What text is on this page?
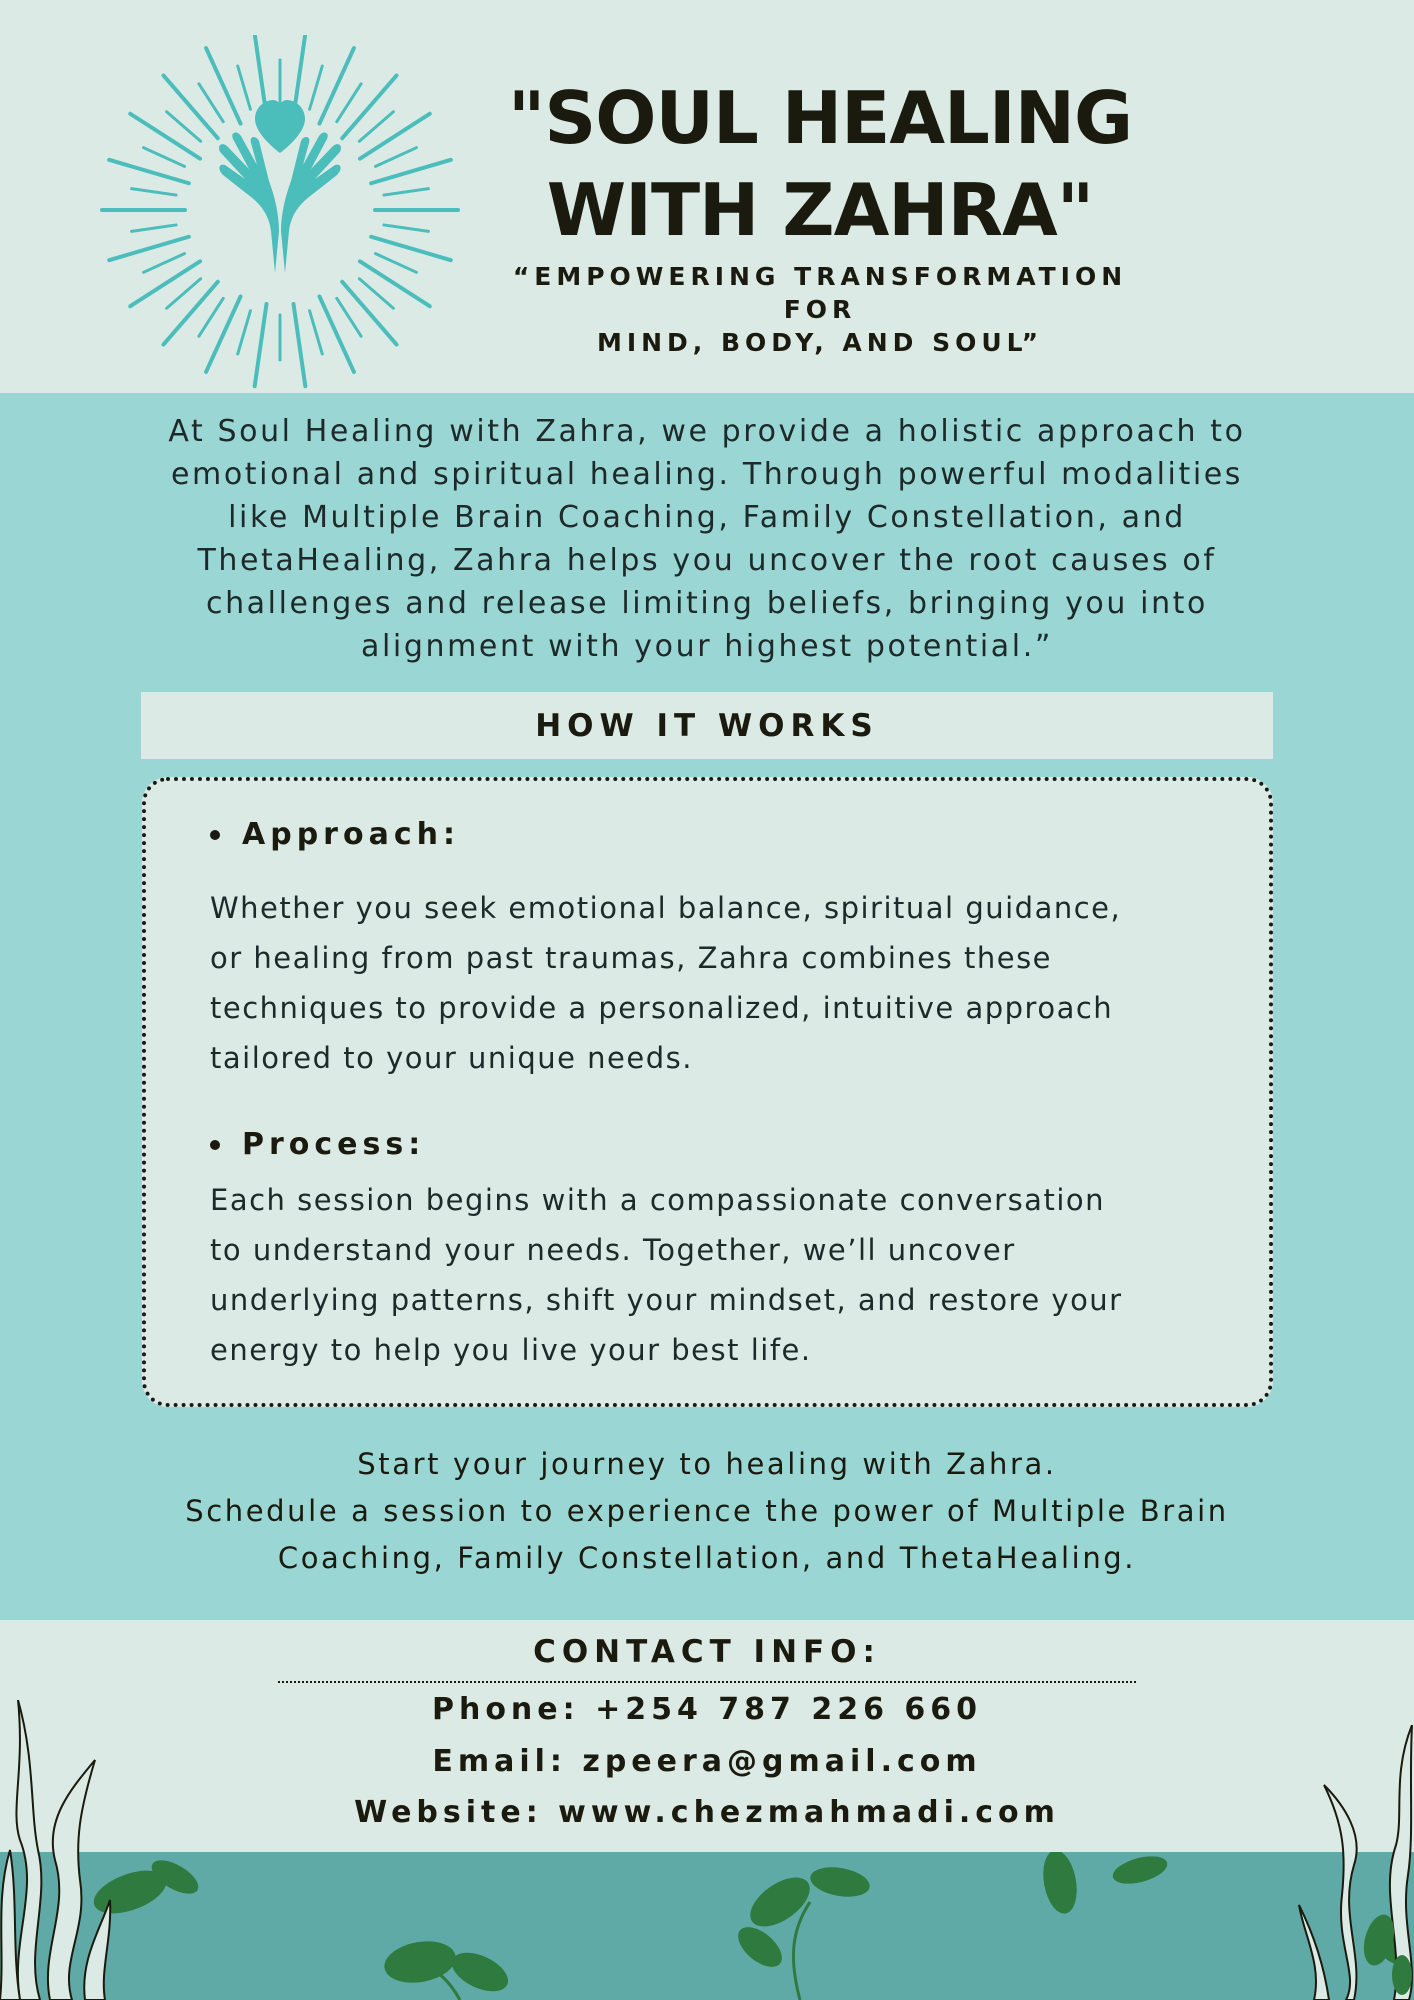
"SOUL HEALING
WITH ZAHRA"
“EMPOWERING TRANSFORMATION FOR
MIND, BODY, AND SOUL”
At Soul Healing with Zahra, we provide a holistic approach to
emotional and spiritual healing. Through powerful modalities
like Multiple Brain Coaching, Family Constellation, and
ThetaHealing, Zahra helps you uncover the root causes of
challenges and release limiting beliefs, bringing you into
alignment with your highest potential.”
HOW IT WORKS
Approach:
Whether you seek emotional balance, spiritual guidance,
or healing from past traumas, Zahra combines these
techniques to provide a personalized, intuitive approach
tailored to your unique needs.
Process:
Each session begins with a compassionate conversation
to understand your needs. Together, we’ll uncover
underlying patterns, shift your mindset, and restore your
energy to help you live your best life.
Start your journey to healing with Zahra.
Schedule a session to experience the power of Multiple Brain
Coaching, Family Constellation, and ThetaHealing.
CONTACT INFO:
Phone: +254 787 226 660
Email: zpeera@gmail.com
Website: www.chezmahmadi.com
